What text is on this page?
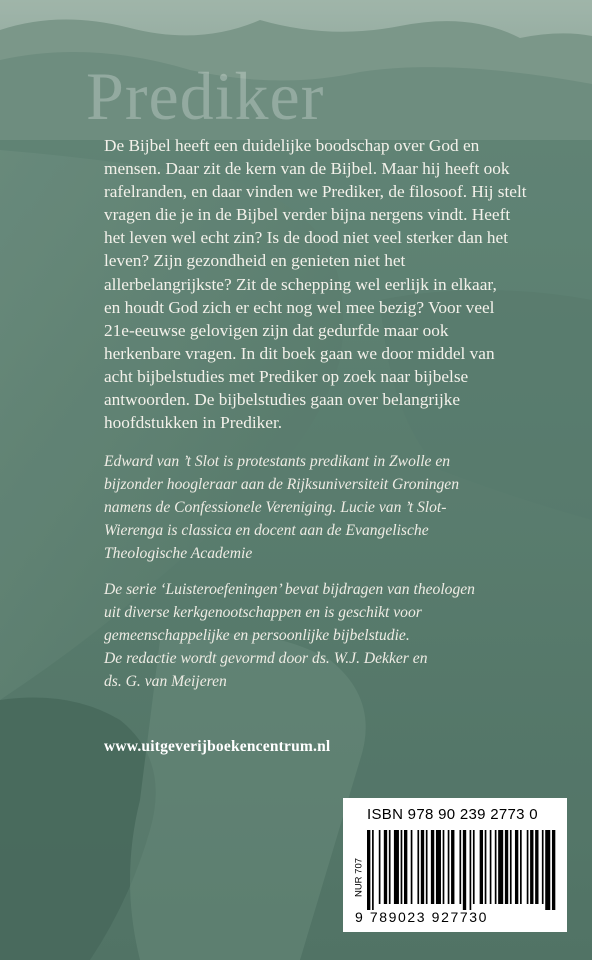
Prediker

De Bijbel heeft een duidelijke boodschap over God en

mensen. Daar zit de kern van de Bijbel. Maar hij heeft ook

rafelranden, en daar vinden we Prediker, de filosoof. Hij stelt

vragen die je in de Bijbel verder bijna nergens vindt. Heeft

het leven wel echt zin? Is de dood niet veel sterker dan het

leven? Zijn gezondheid en genieten niet het

allerbelangrijkste? Zit de schepping wel eerlijk in elkaar,

en houdt God zich er echt nog wel mee bezig? Voor veel

21e-eeuwse gelovigen zijn dat gedurfde maar ook

herkenbare vragen. In dit boek gaan we door middel van

acht bijbelstudies met Prediker op zoek naar bijbelse

antwoorden. De bijbelstudies gaan over belangrijke

hoofdstukken in Prediker.

Edward van ’t Slot is protestants predikant in Zwolle en
bijzonder hoogleraar aan de Rijksuniversiteit Groningen
namens de Confessionele Vereniging. Lucie van ’t Slot-
Wierenga is classica en docent aan de Evangelische
Theologische Academie
De serie ‘Luisteroefeningen’ bevat bijdragen van theologen
uit diverse kerkgenootschappen en is geschikt voor
gemeenschappelijke en persoonlijke bijbelstudie.
De redactie wordt gevormd door ds. W.J. Dekker en
ds. G. van Meijeren
www.uitgeverijboekencentrum.nl
ISBN 978 90 239 2773 0
NUR 707
9 789023 927730
